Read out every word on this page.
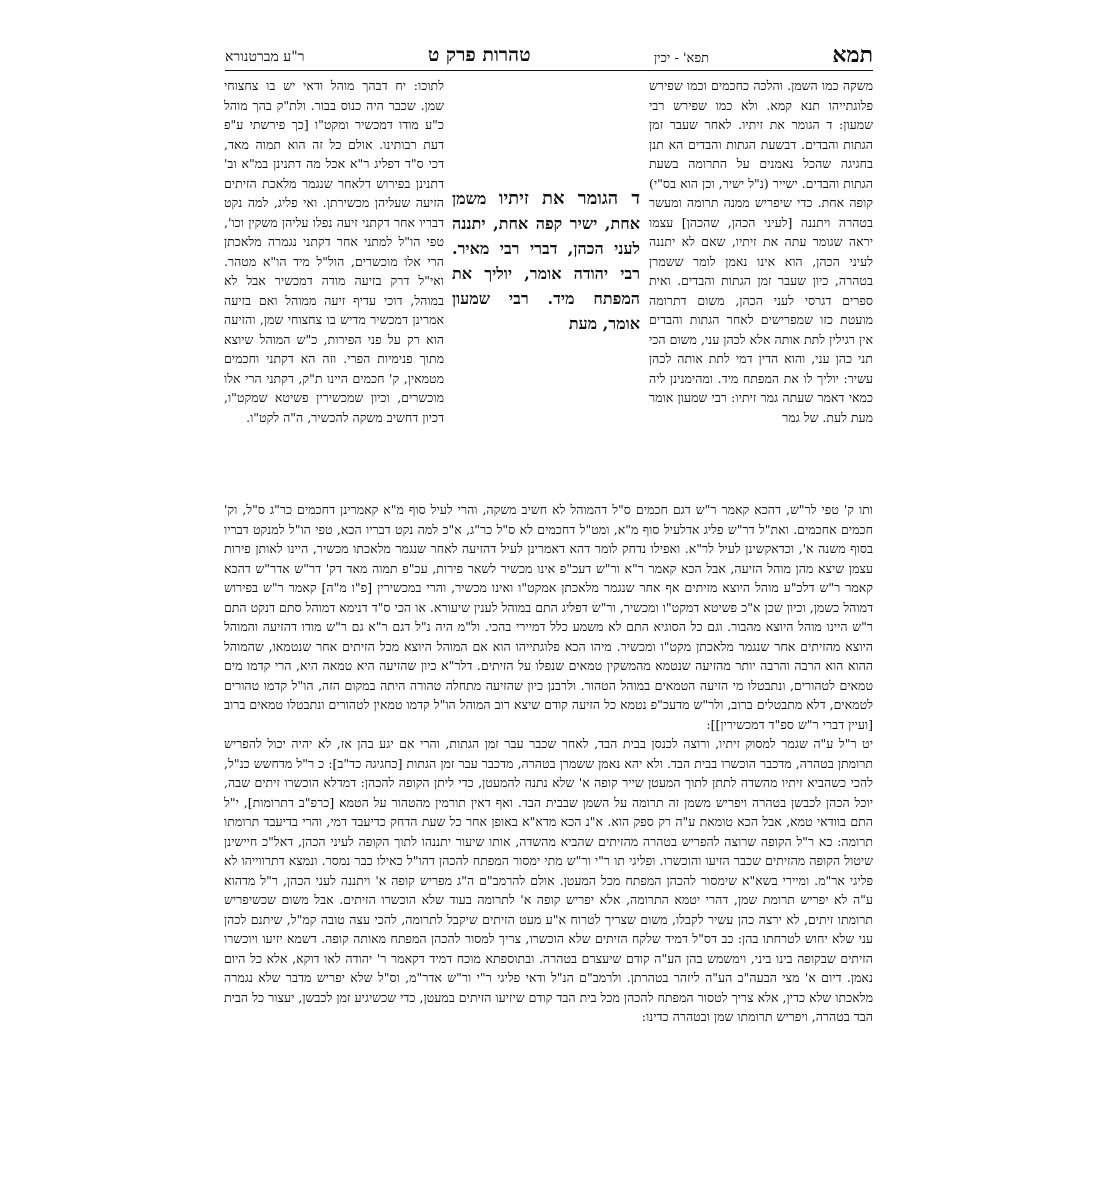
תמא
תפא' - יכין
טהרות פרק ט
ר"ע מברטנורא

משקה כמו השמן. והלכה כחכמים וכמו שפירש פלוגתייהו תנא קמא. ולא כמו שפירש רבי שמעון: ד הגומר את זיתיו. לאחר שעבר זמן הגתות והבדים. דבשעת הגתות והבדים הא תנן בחגיגה שהכל נאמנים על התרומה בשעת הגתות והבדים. ישייר (נ"ל ישיר, וכן הוא בס"י) קופה אחת. כדי שיפריש ממנה תרומה ומעשר בטהרה ויתננה [לעיני הכהן, שהכהן] עצמו יראה שגומר עתה את זיתיו, שאם לא יתננה לעיני הכהן, הוא אינו נאמן לומר ששמרן בטהרה, כיון שעבר זמן הגתות והבדים. ואית ספרים דגרסי לעני הכהן, משום דתרומה מועטת כזו שמפרישים לאחר הגתות והבדים אין רגילין לתת אותה אלא לכהן עני, משום הכי תני כהן עני, והוא הדין דמי לתת אותה לכהן עשיר: יוליך לו את המפתח מיד. ומהימנינן ליה כמאי דאמר שעתה גמר זיתיו: רבי שמעון אומר מעת לעת. של גמר

לתוכו: יח דבהך מוהל ודאי יש בו צחצוחי שמן. שכבר היה כנוס בבור. ולת"ק בהך מוהל כ"ע מודו דמכשיר ומקט"ו [כך פירשתי ע"פ דעת רבותינו. אולם כל זה הוא תמוה מאד, דכי ס"ד דפליג ר"א אכל מה דתנינן במ"א וב' דתנינן בפירוש דלאחר שנגמר מלאכת הזיתים הזיעה שעליהן מכשירתן. ואי פליג, למה נקט דבריו אחר דקתני זיעה נפלו עליהן משקין וכו', טפי הו"ל למתני אחר דקתני נגמרה מלאכתן הרי אלו מוכשרים, הול"ל מיד הו"א מטהר. ואי"ל דרק בזיעה מודה דמכשיר אבל לא במוהל, דוכי עדיף זיעה ממוהל ואם בזיעה אמרינן דמכשיר מדיש בו צחצוחי שמן, והזיעה הוא רק על פני הפירות, כ"ש המוהל שיוצא מתוך פנימיות הפרי. וזה הא דקתני וחכמים מטמאין, ק' חכמים היינו ת"ק, דקתני הרי אלו מוכשרים, וכיון שמכשירין פשיטא שמקט"ו, דכיון דחשיב משקה להכשיר, ה"ה לקט"ו.

ד הגומר את זיתיו משמן אחת, ישיר קפה אחת, יתננה לעני הכהן, דברי רבי מאיר. רבי יהודה אומר, יוליך את המפתח מיד. רבי שמעון אומר, מעת

ותו ק' טפי לר"ש, דהכא קאמר ר"ש דגם חכמים ס"ל דהמוהל לא חשיב משקה, והרי לעיל סוף מ"א קאמרינן דחכמים כר"ג ס"ל, וק' חכמים אחכמים. ואת"ל דר"ש פליג אדלעיל סוף מ"א, ומט"ל דחכמים לא ס"ל כר"ג, א"כ למה נקט דבריו הכא, טפי הו"ל למנקט דבריו בסוף משנה א', וכדאקשינן לעיל לר"א. ואפילו נדחק לומר דהא דאמרינן לעיל דהזיעה לאחר שנגמר מלאכתו מכשיר, היינו לאותן פירות עצמן שיצא מהן מוהל הזיעה, אבל הכא קאמר ר"א ור"ש דעכ"פ אינו מכשיר לשאר פירות, עכ"פ תמוה מאד דק' דר"ש אדר"ש דהכא קאמר ר"ש דלכ"ע מוהל היוצא מזיתים אף אחר שנגמר מלאכתן אמקט"ו ואינו מכשיר, והרי במכשירין [פ"ו מ"ה] קאמר ר"ש בפירוש דמוהל כשמן, וכיון שכן א"כ פשיטא דמקט"ו ומכשיר, ור"ש דפליג התם במוהל לענין שיעורא. או הכי ס"ד דנימא דמוהל סתם דנקט התם ר"ש היינו מוהל היוצא מהבור. וגם כל הסוגיא התם לא משמע כלל דמיירי בהכי. ול"מ היה נ"ל דגם ר"א גם ר"ש מודו דהזיעה והמוהל היוצא מהזיתים אחר שנגמר מלאכתן מקט"ו ומכשיר. מיהו הכא פלוגתייהו הוא אם המוהל היוצא מכל הזיתים אחר שנטמאו, שהמוהל ההוא הוא הרבה והרבה יותר מהזיעה שנטמא מהמשקין טמאים שנפלו על הזיתים. דלר"א כיון שהזיעה היא טמאה היא, הרי קדמו מים טמאים לטהורים, ונתבטלו מי הזיעה הטמאים במוהל הטהור. ולרבנן כיון שהזיעה מתחלה טהורה היתה במקום הזה, הו"ל קדמו טהורים לטמאים, דלא מתבטלים ברוב, ולר"ש מדעכ"פ נטמא כל הזיעה קודם שיצא רוב המוהל הו"ל קדמו טמאין לטהורים ונתבטלו טמאים ברוב [ועיין דברי ר"ש ספ"ד דמכשירין]]:

יט ר"ל ע"ה שגמר למסוק זיתיו, ורוצה לכנסן בבית הבד, לאחר שכבר עבר זמן הגתות, והרי אם יגע בהן אז, לא יהיה יכול להפריש תרומתן בטהרה, מדכבר הוכשרו בבית הבד. ולא יהא נאמן ששמרן בטהרה, מדכבר עבר זמן הגתות [כחגיגה כד"ב]: כ ר"ל מדחשש כנ"ל, להכי כשהביא זיתיו מהשדה לתתן לתוך המעטן שייר קופה א' שלא נתנה להמעטן, כדי ליתן הקופה להכהן: דמדלא הוכשרו זיתים שבה, יוכל הכהן לכבשן בטהרה ויפריש משמן זה תרומה על השמן שבבית הבד. ואף דאין תורמין מהטהור על הטמא [כרפ"ב דתרומות], י"ל התם בוודאי טמא, אבל הכא טומאת ע"ה רק ספק הוא. א"נ הכא מדא"א באופן אחר כל שעת הדחק כדיעבד דמי, והרי בדיעבד תרומתו תרומה: כא ר"ל הקופה שרוצה להפריש בטהרה מהזיתים שהביא מהשדה, אותו שיעור יתננהו לתוך הקופה לעיני הכהן, דאל"כ חיישינן שיטול הקופה מהזיתים שכבר הזיעו והוכשרו. ופליגי תו ר"י ור"ש מתי ימסור המפתח להכהן דהו"ל כאילו כבר נמסר. ונמצא דתרווייהו לא פליגי אר"מ. ומיירי בשא"א שימסור להכהן המפתח מכל המעטן. אולם להרמב"ם ה"ג מפריש קופה א' ויתננה לעני הכהן, ר"ל מדהוא ע"ה לא יפריש תרומת שמן, דהרי יטמא התרומה, אלא יפריש קופה א' לתרומה בעוד שלא הוכשרו הזיתים. אבל משום שכשיפריש תרומתו זיתים, לא ירצה כהן עשיר לקבלו, משום שצריך לטרוח א"ע מעט הזיתים שיקבל לתרומה, להכי עצה טובה קמ"ל, שיתנם לכהן עני שלא יחוש לטרחתו בהן: כב דס"ל דמיד שלקח הזיתים שלא הוכשרו, צריך למסור להכהן המפתח מאותה קופה. דשמא יזיעו ויוכשרו הזיתים שבקופה בינו ביני, וימשמש בהן הע"ה קודם שיעצרם בטהרה. ובתוספתא מוכח דמיד דקאמר ר' יהודה לאו דוקא, אלא כל היום נאמן. דיום א' מצי הבעה"ב הע"ה ליזהר בטהרתן. ולרמב"ם הנ"ל ודאי פליגי ר"י ור"ש אדר"מ, וס"ל שלא יפריש מדבר שלא נגמרה מלאכתו שלא כדין, אלא צריך לטסור המפתח להכהן מכל בית הבד קודם שיזיעו הזיתים במעטן, כדי שכשיגיע זמן לכבשן, יעצור כל הבית הבד בטהרה, ויפריש תרומתו שמן ובטהרה כדינו:
